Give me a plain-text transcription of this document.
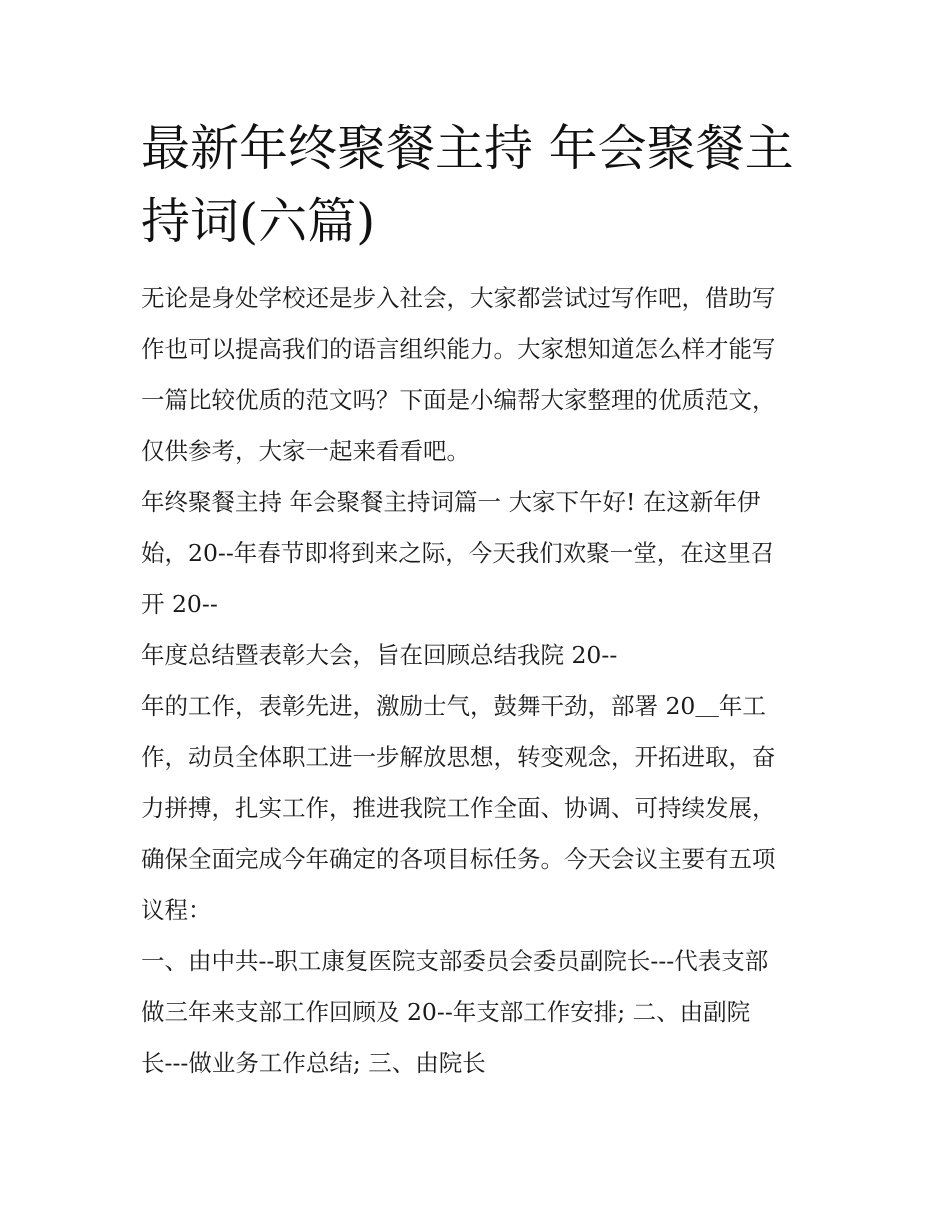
最新年终聚餐主持 年会聚餐主
持词(六篇)

无论是身处学校还是步入社会，大家都尝试过写作吧，借助写
作也可以提高我们的语言组织能力。大家想知道怎么样才能写
一篇比较优质的范文吗？下面是小编帮大家整理的优质范文，
仅供参考，大家一起来看看吧。

年终聚餐主持 年会聚餐主持词篇一 大家下午好! 在这新年伊
始，20--年春节即将到来之际，今天我们欢聚一堂，在这里召
开 20--

年度总结暨表彰大会，旨在回顾总结我院 20--

年的工作，表彰先进，激励士气，鼓舞干劲，部署 20＿年工
作，动员全体职工进一步解放思想，转变观念，开拓进取，奋
力拼搏，扎实工作，推进我院工作全面、协调、可持续发展，
确保全面完成今年确定的各项目标任务。今天会议主要有五项
议程：

一、由中共--职工康复医院支部委员会委员副院长---代表支部
做三年来支部工作回顾及 20--年支部工作安排; 二、由副院
长---做业务工作总结; 三、由院长
